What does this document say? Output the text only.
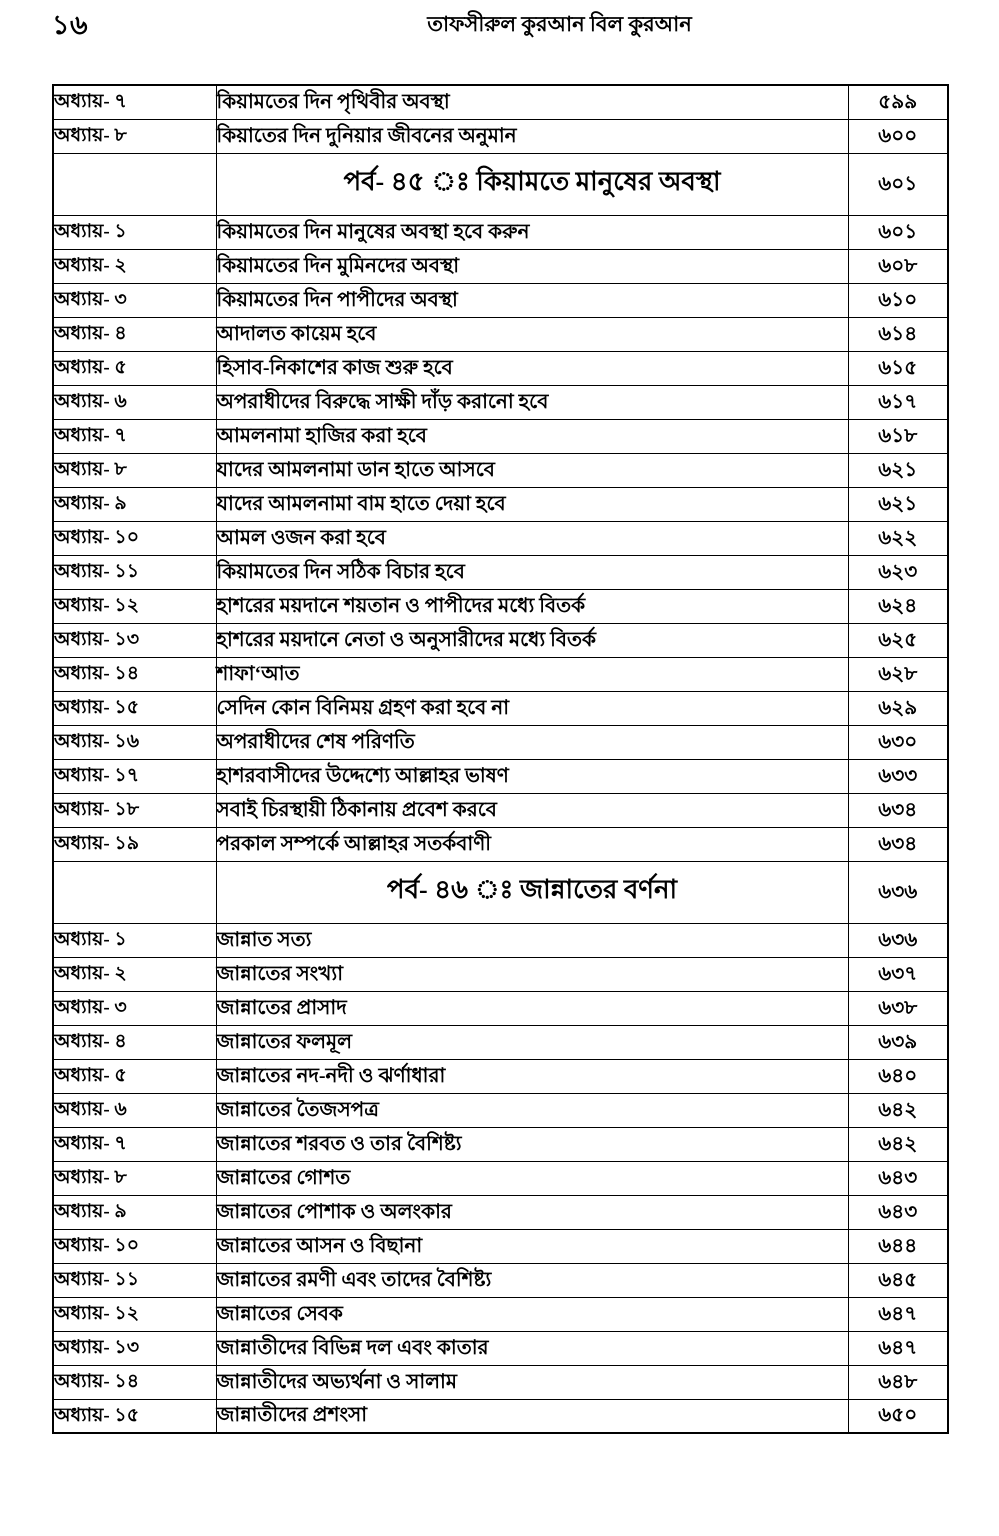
১৬	তাফসীরুল কুরআন বিল কুরআন
অধ্যায়- ৭	কিয়ামতের দিন পৃথিবীর অবস্থা	৫৯৯
অধ্যায়- ৮	কিয়াতের দিন দুনিয়ার জীবনের অনুমান	৬০০
	পর্ব- ৪৫ ঃ কিয়ামতে মানুষের অবস্থা	৬০১
অধ্যায়- ১	কিয়ামতের দিন মানুষের অবস্থা হবে করুন	৬০১
অধ্যায়- ২	কিয়ামতের দিন মুমিনদের অবস্থা	৬০৮
অধ্যায়- ৩	কিয়ামতের দিন পাপীদের অবস্থা	৬১০
অধ্যায়- ৪	আদালত কায়েম হবে	৬১৪
অধ্যায়- ৫	হিসাব-নিকাশের কাজ শুরু হবে	৬১৫
অধ্যায়- ৬	অপরাধীদের বিরুদ্ধে সাক্ষী দাঁড় করানো হবে	৬১৭
অধ্যায়- ৭	আমলনামা হাজির করা হবে	৬১৮
অধ্যায়- ৮	যাদের আমলনামা ডান হাতে আসবে	৬২১
অধ্যায়- ৯	যাদের আমলনামা বাম হাতে দেয়া হবে	৬২১
অধ্যায়- ১০	আমল ওজন করা হবে	৬২২
অধ্যায়- ১১	কিয়ামতের দিন সঠিক বিচার হবে	৬২৩
অধ্যায়- ১২	হাশরের ময়দানে শয়তান ও পাপীদের মধ্যে বিতর্ক	৬২৪
অধ্যায়- ১৩	হাশরের ময়দানে নেতা ও অনুসারীদের মধ্যে বিতর্ক	৬২৫
অধ্যায়- ১৪	শাফা‘আত	৬২৮
অধ্যায়- ১৫	সেদিন কোন বিনিময় গ্রহণ করা হবে না	৬২৯
অধ্যায়- ১৬	অপরাধীদের শেষ পরিণতি	৬৩০
অধ্যায়- ১৭	হাশরবাসীদের উদ্দেশ্যে আল্লাহর ভাষণ	৬৩৩
অধ্যায়- ১৮	সবাই চিরস্থায়ী ঠিকানায় প্রবেশ করবে	৬৩৪
অধ্যায়- ১৯	পরকাল সম্পর্কে আল্লাহর সতর্কবাণী	৬৩৪
	পর্ব- ৪৬ ঃ জান্নাতের বর্ণনা	৬৩৬
অধ্যায়- ১	জান্নাত সত্য	৬৩৬
অধ্যায়- ২	জান্নাতের সংখ্যা	৬৩৭
অধ্যায়- ৩	জান্নাতের প্রাসাদ	৬৩৮
অধ্যায়- ৪	জান্নাতের ফলমূল	৬৩৯
অধ্যায়- ৫	জান্নাতের নদ-নদী ও ঝর্ণাধারা	৬৪০
অধ্যায়- ৬	জান্নাতের তৈজসপত্র	৬৪২
অধ্যায়- ৭	জান্নাতের শরবত ও তার বৈশিষ্ট্য	৬৪২
অধ্যায়- ৮	জান্নাতের গোশত	৬৪৩
অধ্যায়- ৯	জান্নাতের পোশাক ও অলংকার	৬৪৩
অধ্যায়- ১০	জান্নাতের আসন ও বিছানা	৬৪৪
অধ্যায়- ১১	জান্নাতের রমণী এবং তাদের বৈশিষ্ট্য	৬৪৫
অধ্যায়- ১২	জান্নাতের সেবক	৬৪৭
অধ্যায়- ১৩	জান্নাতীদের বিভিন্ন দল এবং কাতার	৬৪৭
অধ্যায়- ১৪	জান্নাতীদের অভ্যর্থনা ও সালাম	৬৪৮
অধ্যায়- ১৫	জান্নাতীদের প্রশংসা	৬৫০
